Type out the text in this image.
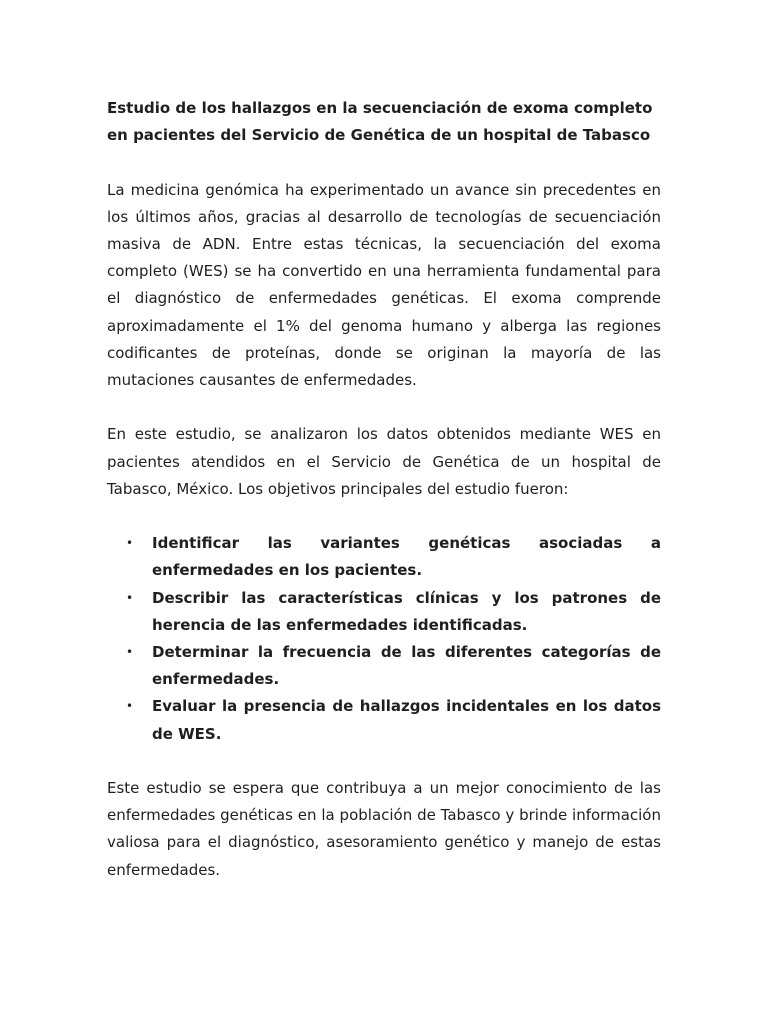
Estudio de los hallazgos en la secuenciación de exoma completo en pacientes del Servicio de Genética de un hospital de Tabasco

La medicina genómica ha experimentado un avance sin precedentes en los últimos años, gracias al desarrollo de tecnologías de secuenciación masiva de ADN. Entre estas técnicas, la secuenciación del exoma completo (WES) se ha convertido en una herramienta fundamental para el diagnóstico de enfermedades genéticas. El exoma comprende aproximadamente el 1% del genoma humano y alberga las regiones codificantes de proteínas, donde se originan la mayoría de las mutaciones causantes de enfermedades.

En este estudio, se analizaron los datos obtenidos mediante WES en pacientes atendidos en el Servicio de Genética de un hospital de Tabasco, México. Los objetivos principales del estudio fueron:

• Identificar las variantes genéticas asociadas a enfermedades en los pacientes.
• Describir las características clínicas y los patrones de herencia de las enfermedades identificadas.
• Determinar la frecuencia de las diferentes categorías de enfermedades.
• Evaluar la presencia de hallazgos incidentales en los datos de WES.

Este estudio se espera que contribuya a un mejor conocimiento de las enfermedades genéticas en la población de Tabasco y brinde información valiosa para el diagnóstico, asesoramiento genético y manejo de estas enfermedades.
